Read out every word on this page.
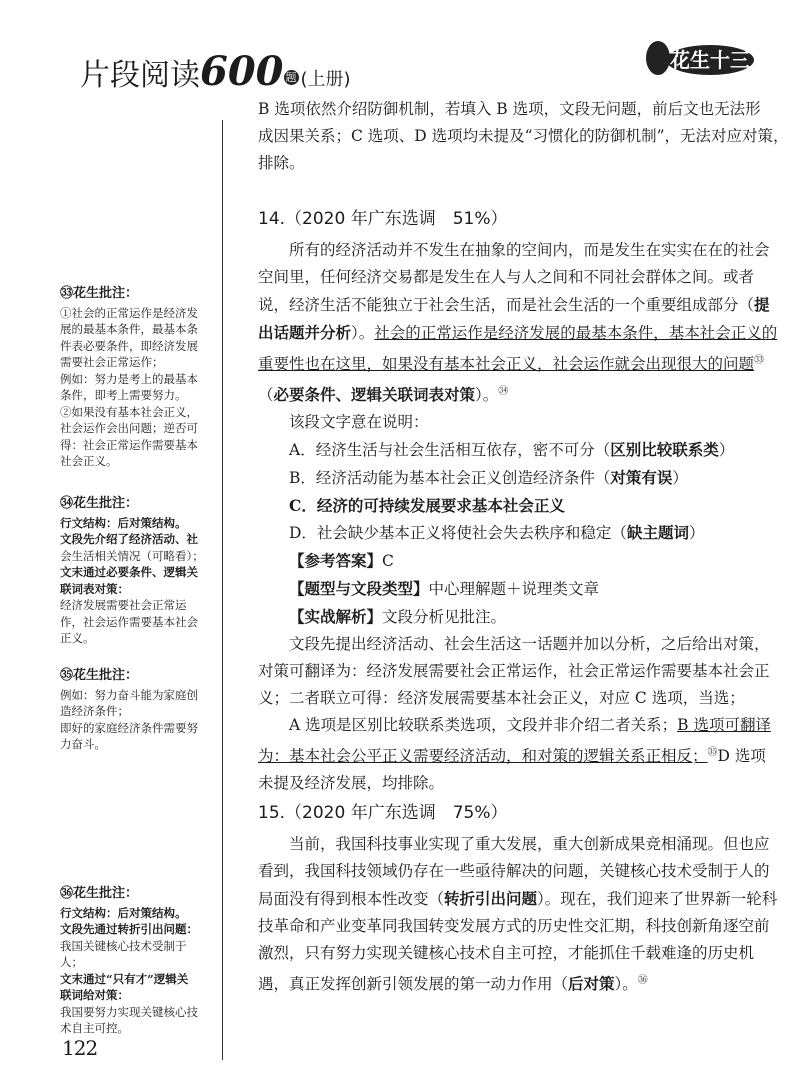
片段阅读600 题 (上册)
花生十三

B 选项依然介绍防御机制，若填入 B 选项，文段无问题，前后文也无法形

成因果关系；C 选项、D 选项均未提及“习惯化的防御机制”，无法对应对策，

排除。

14.（2020 年广东选调　51%）

所有的经济活动并不发生在抽象的空间内，而是发生在实实在在的社会空间里，任何经济交易都是发生在人与人之间和不同社会群体之间。或者说，经济生活不能独立于社会生活，而是社会生活的一个重要组成部分（提出话题并分析）。社会的正常运作是经济发展的最基本条件，基本社会正义的重要性也在这里，如果没有基本社会正义，社会运作就会出现很大的问题$^㉝$（必要条件、逻辑关联词表对策）。$^㉞$

该段文字意在说明：

A．经济生活与社会生活相互依存，密不可分（区别比较联系类）

B．经济活动能为基本社会正义创造经济条件（对策有误）

C．经济的可持续发展要求基本社会正义

D．社会缺少基本正义将使社会失去秩序和稳定（缺主题词）

【参考答案】C

【题型与文段类型】中心理解题＋说理类文章

【实战解析】文段分析见批注。

文段先提出经济活动、社会生活这一话题并加以分析，之后给出对策，对策可翻译为：经济发展需要社会正常运作，社会正常运作需要基本社会正义；二者联立可得：经济发展需要基本社会正义，对应 C 选项，当选；

A 选项是区别比较联系类选项，文段并非介绍二者关系；B 选项可翻译为：基本社会公平正义需要经济活动，和对策的逻辑关系正相反；$^㉟$D 选项未提及经济发展，均排除。

15.（2020 年广东选调　75%）

当前，我国科技事业实现了重大发展，重大创新成果竞相涌现。但也应看到，我国科技领域仍存在一些亟待解决的问题，关键核心技术受制于人的局面没有得到根本性改变（转折引出问题）。现在，我们迎来了世界新一轮科技革命和产业变革同我国转变发展方式的历史性交汇期，科技创新角逐空前激烈，只有努力实现关键核心技术自主可控，才能抓住千载难逢的历史机遇，真正发挥创新引领发展的第一动力作用（后对策）。$^㊱$

㉝花生批注：
①社会的正常运作是经济发
展的最基本条件，最基本条
件表必要条件，即经济发展
需要社会正常运作；
例如：努力是考上的最基本
条件，即考上需要努力。
②如果没有基本社会正义，
社会运作会出问题；逆否可
得：社会正常运作需要基本
社会正义。
㉞花生批注：
行文结构：后对策结构。
文段先介绍了经济活动、社
会生活相关情况（可略看）；
文末通过必要条件、逻辑关
联词表对策：
经济发展需要社会正常运
作，社会运作需要基本社会
正义。
㉟花生批注：
例如：努力奋斗能为家庭创
造经济条件；
即好的家庭经济条件需要努
力奋斗。
㊱花生批注：
行文结构：后对策结构。
文段先通过转折引出问题：
我国关键核心技术受制于
人；
文末通过“只有才”逻辑关
联词给对策：
我国要努力实现关键核心技
术自主可控。
122
